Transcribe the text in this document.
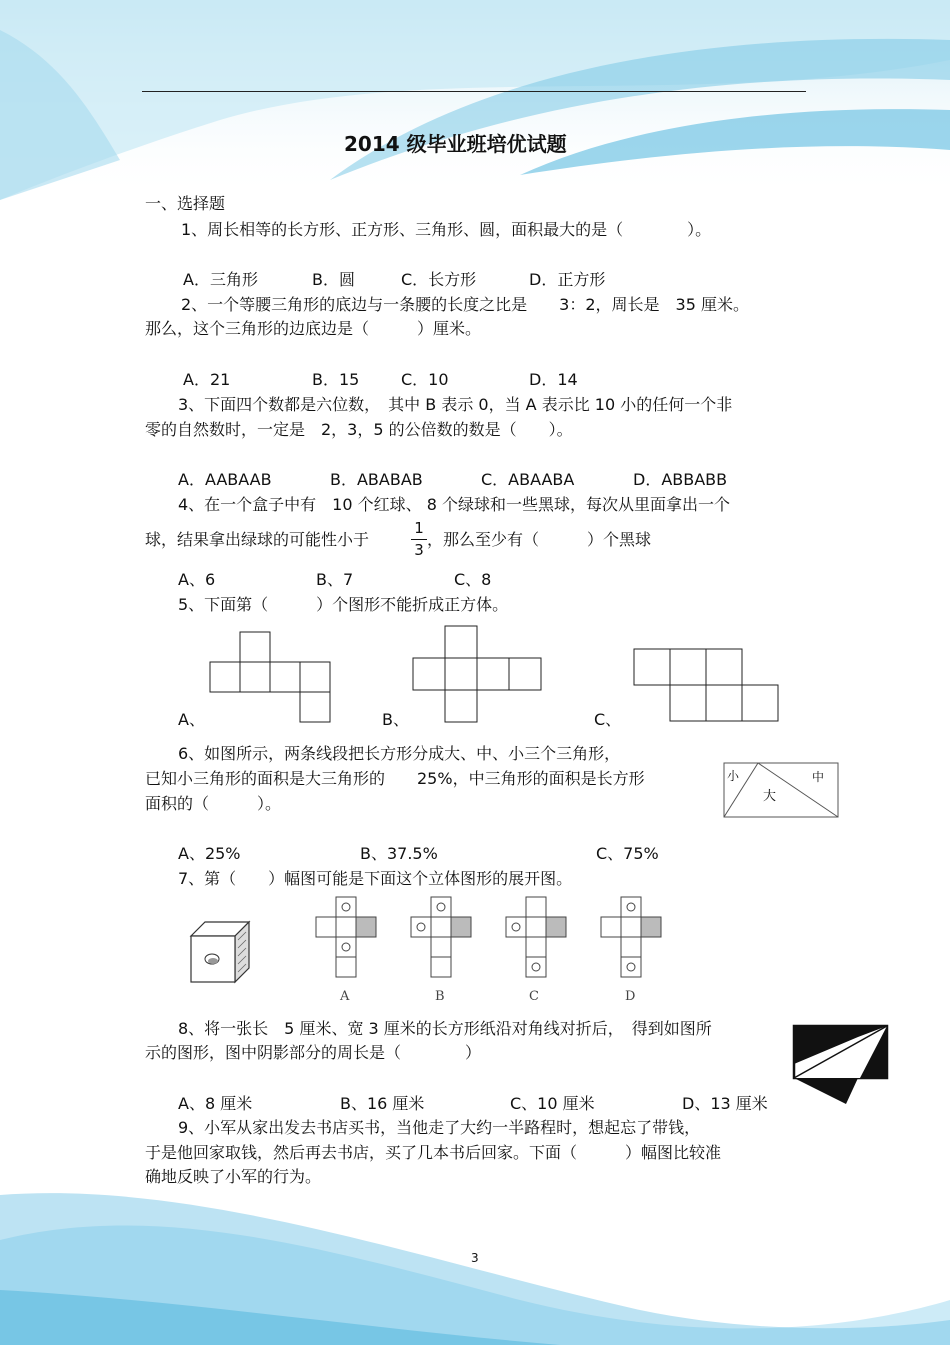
2014 级毕业班培优试题
一、选择题
1、周长相等的长方形、正方形、三角形、圆，面积最大的是（　　　　）。
A．三角形	B．圆	C．长方形	D．正方形
2、一个等腰三角形的底边与一条腰的长度之比是　　3：2，周长是　35 厘米。
那么，这个三角形的边底边是（　　　）厘米。
A．21	B．15	C．10	D．14
3、下面四个数都是六位数，　其中 B 表示 0，当 A 表示比 10 小的任何一个非
零的自然数时，一定是　2，3，5 的公倍数的数是（　　）。
A．AABAAB	B．ABABAB	C．ABAABA	D．ABBABB
4、在一个盒子中有　10 个红球、 8 个绿球和一些黑球，每次从里面拿出一个
球，结果拿出绿球的可能性小于
1
3
，那么至少有（　　　）个黑球
A、6	B、7	C、8
5、下面第（　　　）个图形不能折成正方体。
A、	B、	C、
6、如图所示，两条线段把长方形分成大、中、小三个三角形，
已知小三角形的面积是大三角形的　　25%，中三角形的面积是长方形
面积的（　　　）。
小	中
大
A、25%	B、37.5%	C、75%
7、第（　　）幅图可能是下面这个立体图形的展开图。
A	B	C	D
8、将一张长　5 厘米、宽 3 厘米的长方形纸沿对角线对折后，　得到如图所
示的图形，图中阴影部分的周长是（　　　　）
A、8 厘米	B、16 厘米	C、10 厘米	D、13 厘米
9、小军从家出发去书店买书，当他走了大约一半路程时，想起忘了带钱，
于是他回家取钱，然后再去书店，买了几本书后回家。下面（　　　）幅图比较准
确地反映了小军的行为。
3
